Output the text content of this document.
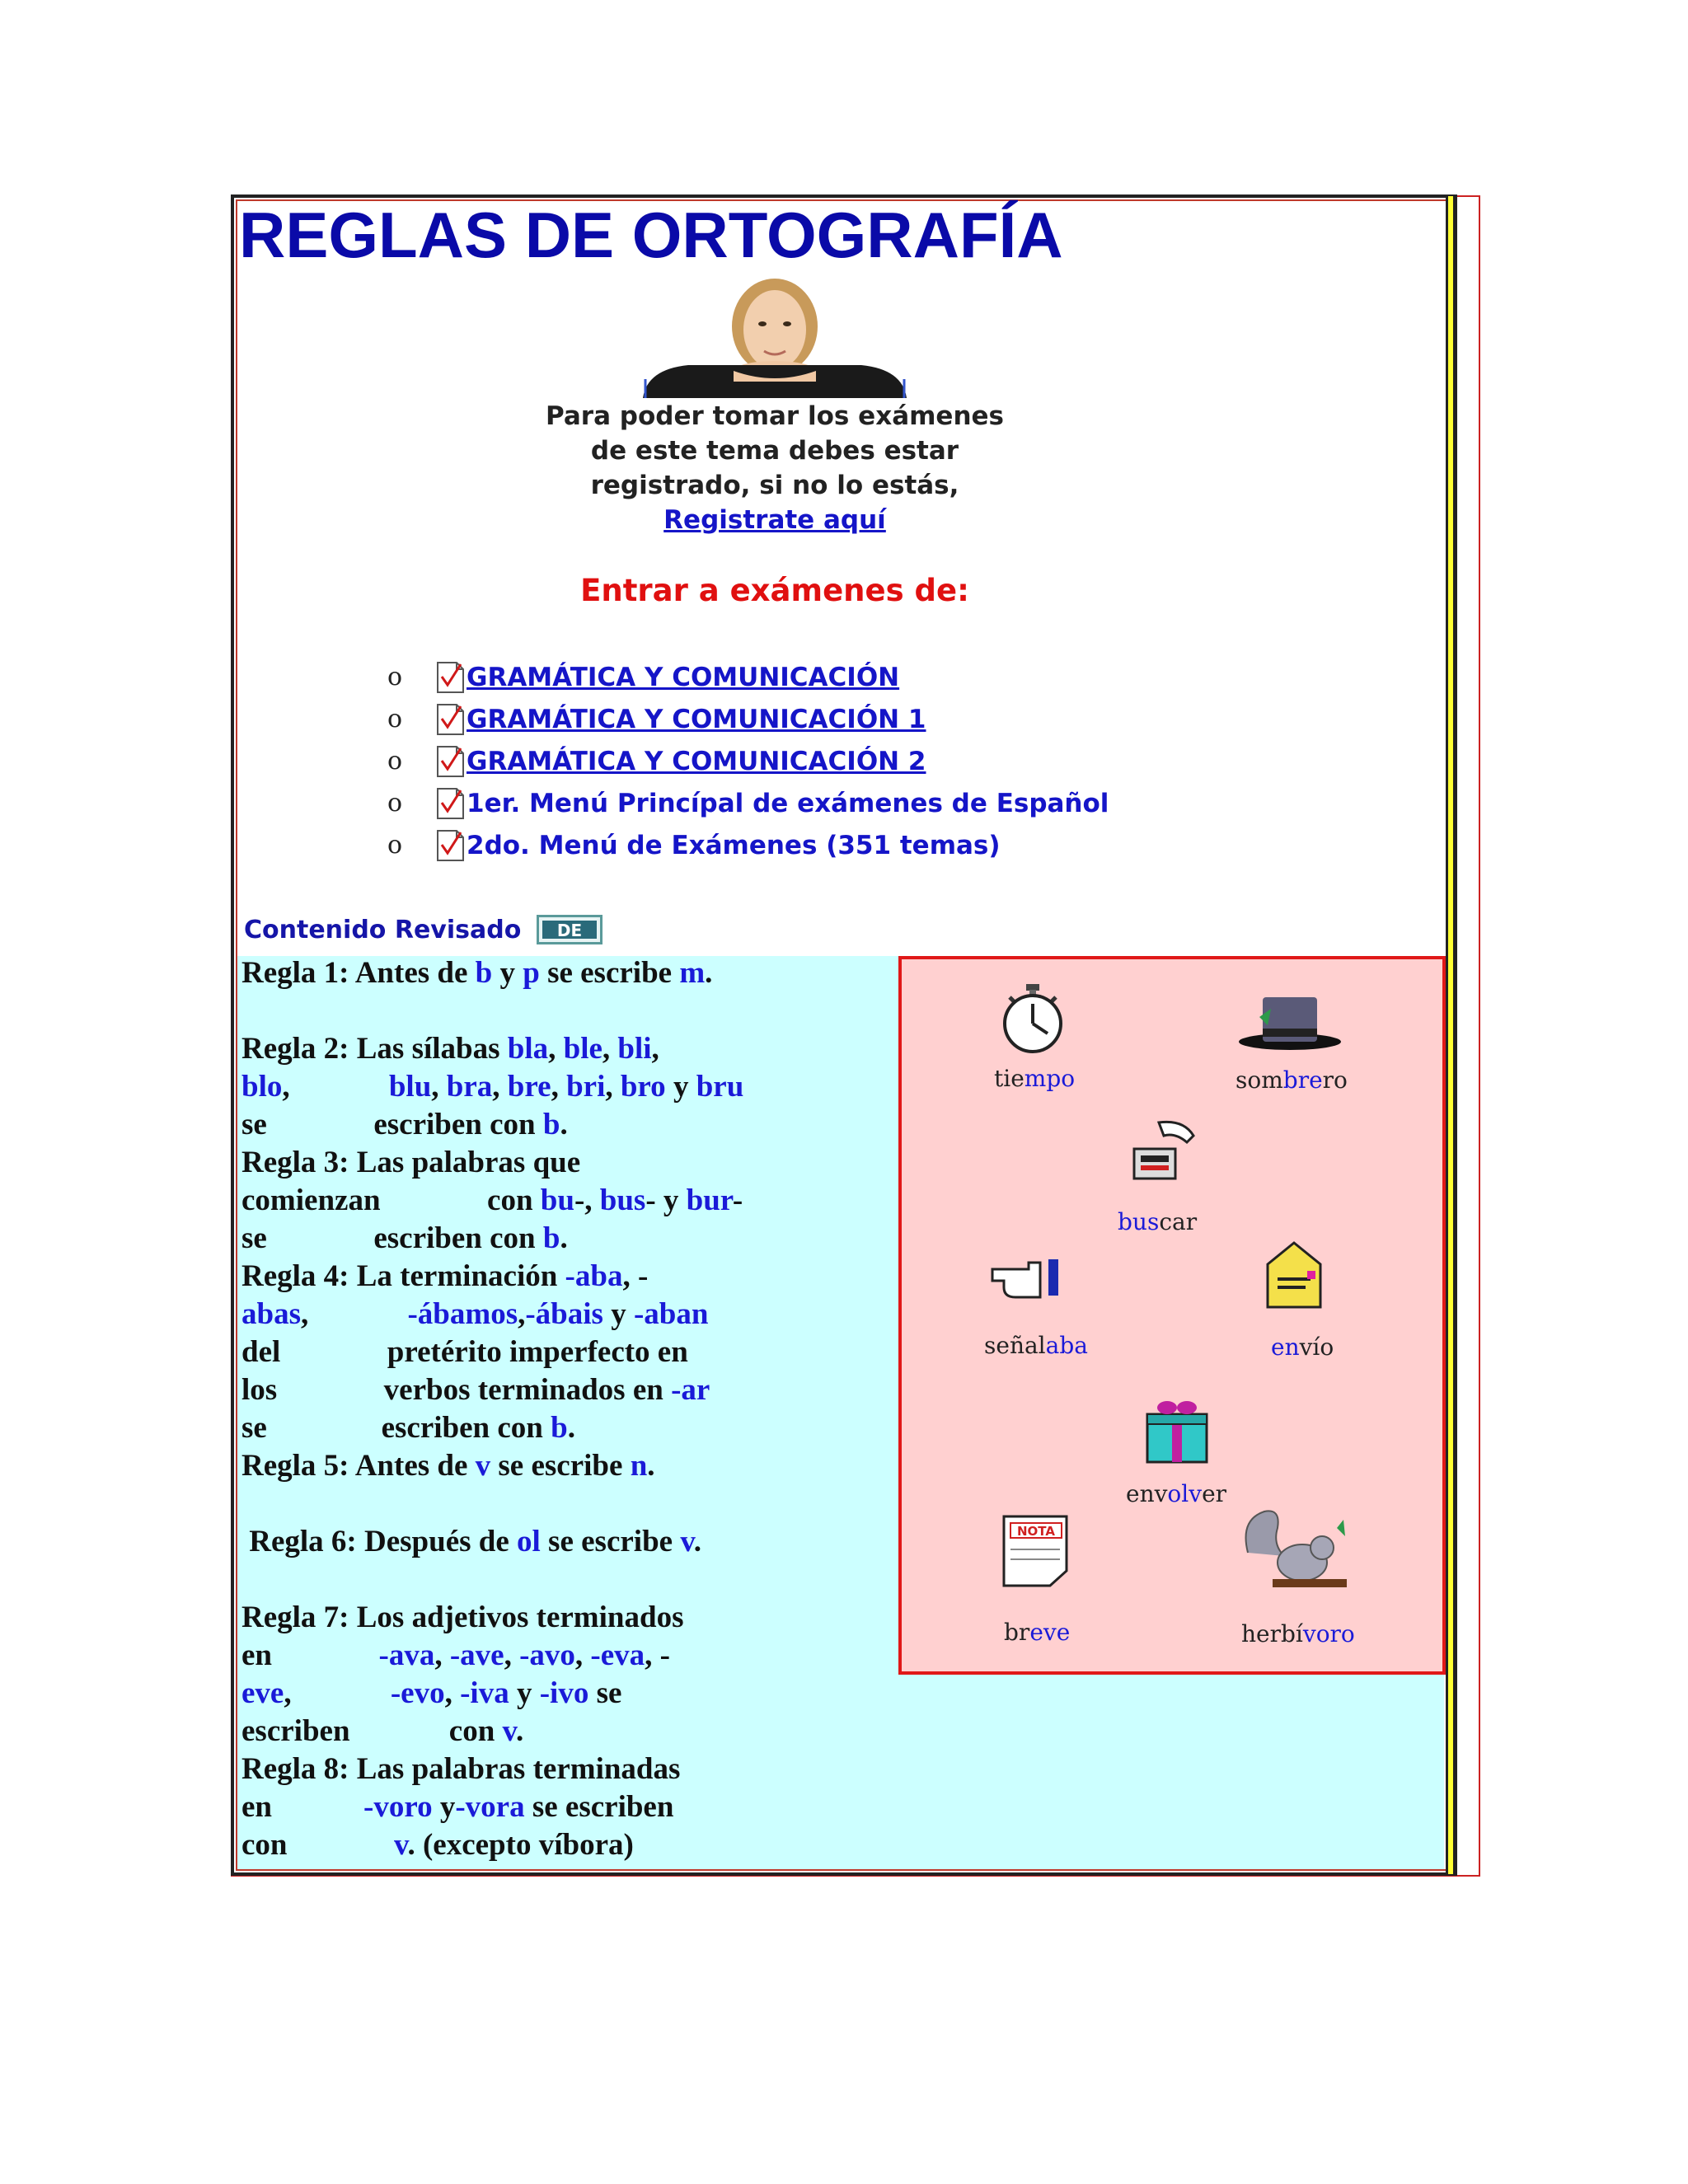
REGLAS DE ORTOGRAFÍA
Para poder tomar los exámenes
de este tema debes estar
registrado, si no lo estás,
Registrate aquí
Entrar a exámenes de:
o	GRAMÁTICA Y COMUNICACIÓN
o	GRAMÁTICA Y COMUNICACIÓN 1
o	GRAMÁTICA Y COMUNICACIÓN 2
o	1er. Menú Princípal de exámenes de Español
o	2do. Menú de Exámenes (351 temas)
Contenido Revisado DE
Regla 1: Antes de b y p se escribe m.

Regla 2: Las sílabas bla, ble, bli,
blo,             blu, bra, bre, bri, bro y bru
se              escriben con b.
Regla 3: Las palabras que
comienzan              con bu-, bus- y bur-
se              escriben con b.
Regla 4: La terminación -aba, -
abas,             -ábamos,-ábais y -aban
del              pretérito imperfecto en
los              verbos terminados en -ar
se               escriben con b.
Regla 5: Antes de v se escribe n.

Regla 6: Después de ol se escribe v.

Regla 7: Los adjetivos terminados
en              -ava, -ave, -avo, -eva, -
eve,             -evo, -iva y -ivo se
escriben             con v.
Regla 8: Las palabras terminadas
en            -voro y-vora se escriben
con              v. (excepto víbora)
tiempo	sombrero
buscar
señalaba	envío
envolver
NOTA
breve	herbívoro
